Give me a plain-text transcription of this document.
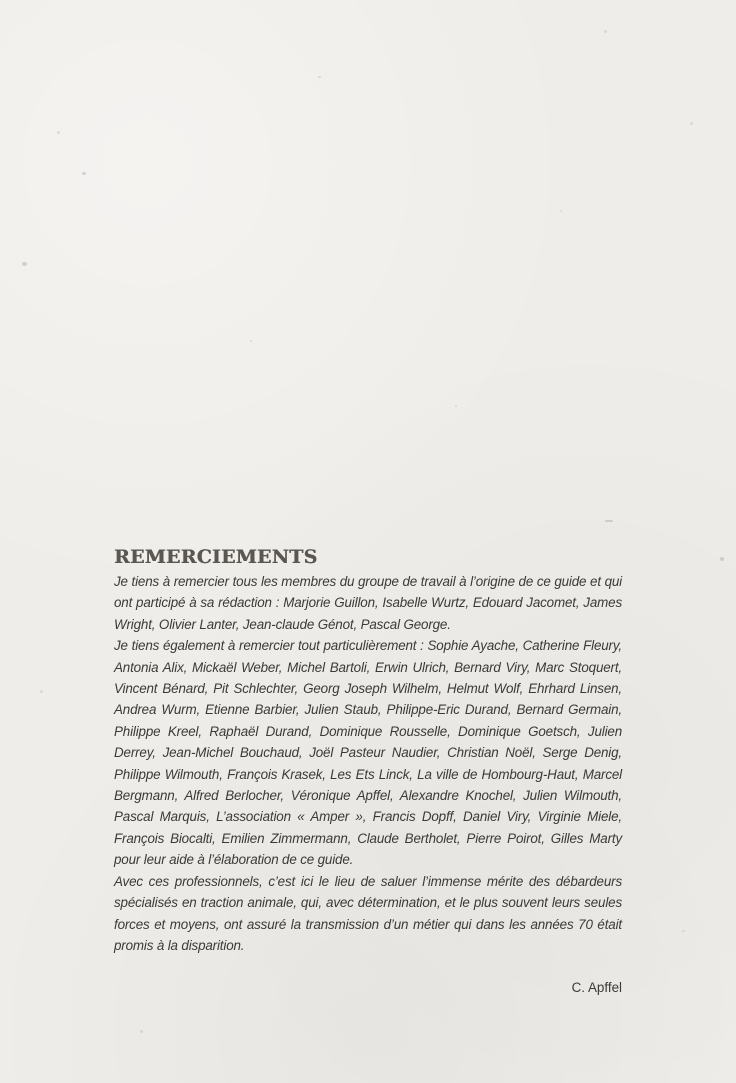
REMERCIEMENTS

Je tiens à remercier tous les membres du groupe de travail à l’origine de ce guide et qui ont participé à sa rédaction : Marjorie Guillon, Isabelle Wurtz, Edouard Jacomet, James Wright, Olivier Lanter, Jean-claude Génot, Pascal George.

Je tiens également à remercier tout particulièrement : Sophie Ayache, Catherine Fleury, Antonia Alix, Mickaël Weber, Michel Bartoli, Erwin Ulrich, Bernard Viry, Marc Stoquert, Vincent Bénard, Pit Schlechter, Georg Joseph Wilhelm, Helmut Wolf, Ehrhard Linsen, Andrea Wurm, Etienne Barbier, Julien Staub, Philippe-Eric Durand, Bernard Germain, Philippe Kreel, Raphaël Durand, Dominique Rousselle, Dominique Goetsch, Julien Derrey, Jean-Michel Bouchaud, Joël Pasteur Naudier, Christian Noël, Serge Denig, Philippe Wilmouth, François Krasek, Les Ets Linck, La ville de Hombourg-Haut, Marcel Bergmann, Alfred Berlocher, Véronique Apffel, Alexandre Knochel, Julien Wilmouth, Pascal Marquis, L’association « Amper », Francis Dopff, Daniel Viry, Virginie Miele, François Biocalti, Emilien Zimmermann, Claude Bertholet, Pierre Poirot, Gilles Marty pour leur aide à l’élaboration de ce guide.

Avec ces professionnels, c’est ici le lieu de saluer l’immense mérite des débardeurs spécialisés en traction animale, qui, avec détermination, et le plus souvent leurs seules forces et moyens, ont assuré la transmission d’un métier qui dans les années 70 était promis à la disparition.

C. Apffel
